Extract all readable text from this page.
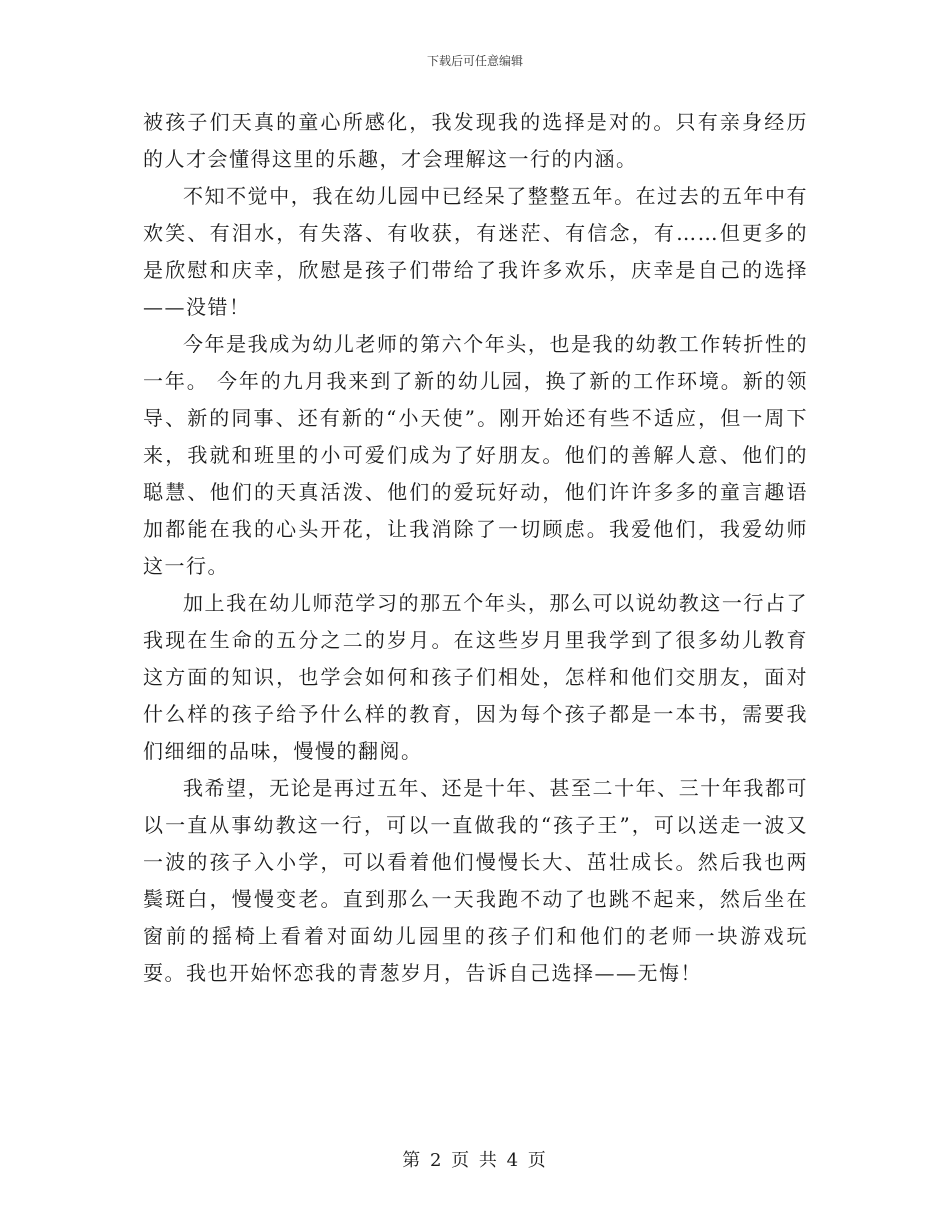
下载后可任意编辑

被孩子们天真的童心所感化，我发现我的选择是对的。只有亲身经历的人才会懂得这里的乐趣，才会理解这一行的内涵。

不知不觉中，我在幼儿园中已经呆了整整五年。在过去的五年中有欢笑、有泪水，有失落、有收获，有迷茫、有信念，有……但更多的是欣慰和庆幸，欣慰是孩子们带给了我许多欢乐，庆幸是自己的选择——没错！

今年是我成为幼儿老师的第六个年头，也是我的幼教工作转折性的一年。 今年的九月我来到了新的幼儿园，换了新的工作环境。新的领导、新的同事、还有新的“小天使”。刚开始还有些不适应，但一周下来，我就和班里的小可爱们成为了好朋友。他们的善解人意、他们的聪慧、他们的天真活泼、他们的爱玩好动，他们许许多多的童言趣语加都能在我的心头开花，让我消除了一切顾虑。我爱他们，我爱幼师这一行。

加上我在幼儿师范学习的那五个年头，那么可以说幼教这一行占了我现在生命的五分之二的岁月。在这些岁月里我学到了很多幼儿教育这方面的知识，也学会如何和孩子们相处，怎样和他们交朋友，面对什么样的孩子给予什么样的教育，因为每个孩子都是一本书，需要我们细细的品味，慢慢的翻阅。

我希望，无论是再过五年、还是十年、甚至二十年、三十年我都可以一直从事幼教这一行，可以一直做我的“孩子王”，可以送走一波又一波的孩子入小学，可以看着他们慢慢长大、茁壮成长。然后我也两鬓斑白，慢慢变老。直到那么一天我跑不动了也跳不起来，然后坐在窗前的摇椅上看着对面幼儿园里的孩子们和他们的老师一块游戏玩耍。我也开始怀恋我的青葱岁月，告诉自己选择——无悔！

第 2 页 共 4 页
